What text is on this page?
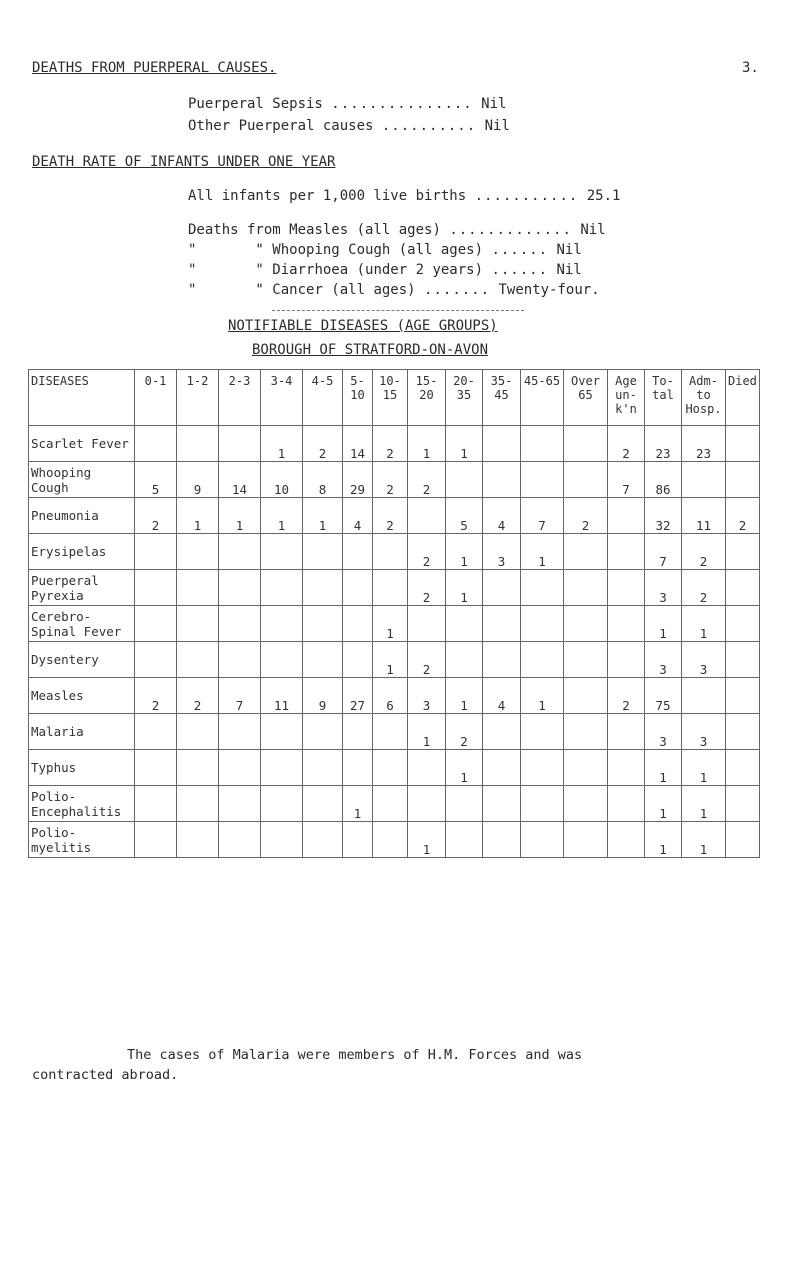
DEATHS FROM PUERPERAL CAUSES.	3.
Puerperal Sepsis ............... Nil
Other Puerperal causes .......... Nil
DEATH RATE OF INFANTS UNDER ONE YEAR
All infants per 1,000 live births ........... 25.1
Deaths from Measles (all ages) ............. Nil
"       " Whooping Cough (all ages) ...... Nil
"       " Diarrhoea (under 2 years) ...... Nil
"       " Cancer (all ages) ....... Twenty-four.
NOTIFIABLE DISEASES (AGE GROUPS)
BOROUGH OF STRATFORD-ON-AVON
DISEASES	0-1	1-2	2-3	3-4	4-5	5-10	10-15	15-20	20-35	35-45	45-65	Over 65	Age un-k'n	To-tal	Adm-to Hosp.	Died
Scarlet Fever				1	2	14	2	1	1				2	23	23	
Whooping Cough	5	9	14	10	8	29	2	2					7	86		
Pneumonia	2	1	1	1	1	4	2		5	4	7	2		32	11	2
Erysipelas								2	1	3	1			7	2	
Puerperal Pyrexia								2	1					3	2	
Cerebro-Spinal Fever							1							1	1	
Dysentery							1	2						3	3	
Measles	2	2	7	11	9	27	6	3	1	4	1		2	75		
Malaria								1	2					3	3	
Typhus									1					1	1	
Polio-Encephalitis						1								1	1	
Polio-myelitis								1						1	1	
The cases of Malaria were members of H.M. Forces and was
contracted abroad.
